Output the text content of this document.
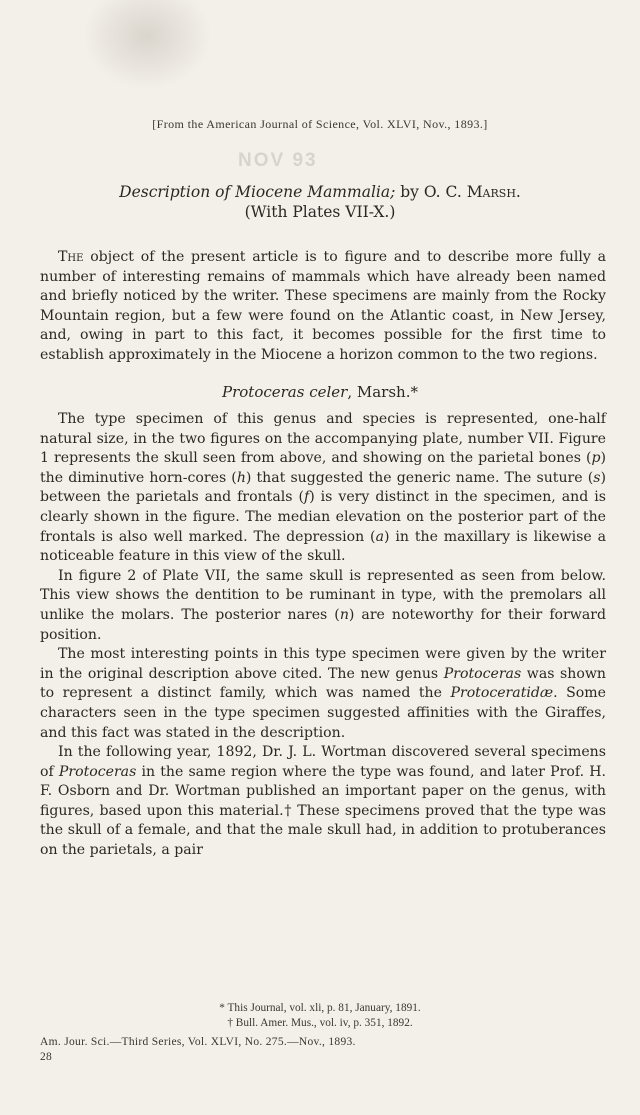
NOV 93
[From the American Journal of Science, Vol. XLVI, Nov., 1893.]
Description of Miocene Mammalia; by O. C. Marsh.
(With Plates VII-X.)

The object of the present article is to figure and to describe more fully a number of interesting remains of mammals which have already been named and briefly noticed by the writer. These specimens are mainly from the Rocky Mountain region, but a few were found on the Atlantic coast, in New Jersey, and, owing in part to this fact, it becomes possible for the first time to establish approximately in the Miocene a horizon common to the two regions.

Protoceras celer, Marsh.*

The type specimen of this genus and species is represented, one-half natural size, in the two figures on the accompanying plate, number VII. Figure 1 represents the skull seen from above, and showing on the parietal bones (p) the diminutive horn-cores (h) that suggested the generic name. The suture (s) between the parietals and frontals (f) is very distinct in the specimen, and is clearly shown in the figure. The median elevation on the posterior part of the frontals is also well marked. The depression (a) in the maxillary is likewise a noticeable feature in this view of the skull.

In figure 2 of Plate VII, the same skull is represented as seen from below. This view shows the dentition to be ruminant in type, with the premolars all unlike the molars. The posterior nares (n) are noteworthy for their forward position.

The most interesting points in this type specimen were given by the writer in the original description above cited. The new genus Protoceras was shown to represent a distinct family, which was named the Protoceratidæ. Some characters seen in the type specimen suggested affinities with the Giraffes, and this fact was stated in the description.

In the following year, 1892, Dr. J. L. Wortman discovered several specimens of Protoceras in the same region where the type was found, and later Prof. H. F. Osborn and Dr. Wortman published an important paper on the genus, with figures, based upon this material.† These specimens proved that the type was the skull of a female, and that the male skull had, in addition to protuberances on the parietals, a pair

* This Journal, vol. xli, p. 81, January, 1891.
† Bull. Amer. Mus., vol. iv, p. 351, 1892.
Am. Jour. Sci.—Third Series, Vol. XLVI, No. 275.—Nov., 1893.
28
